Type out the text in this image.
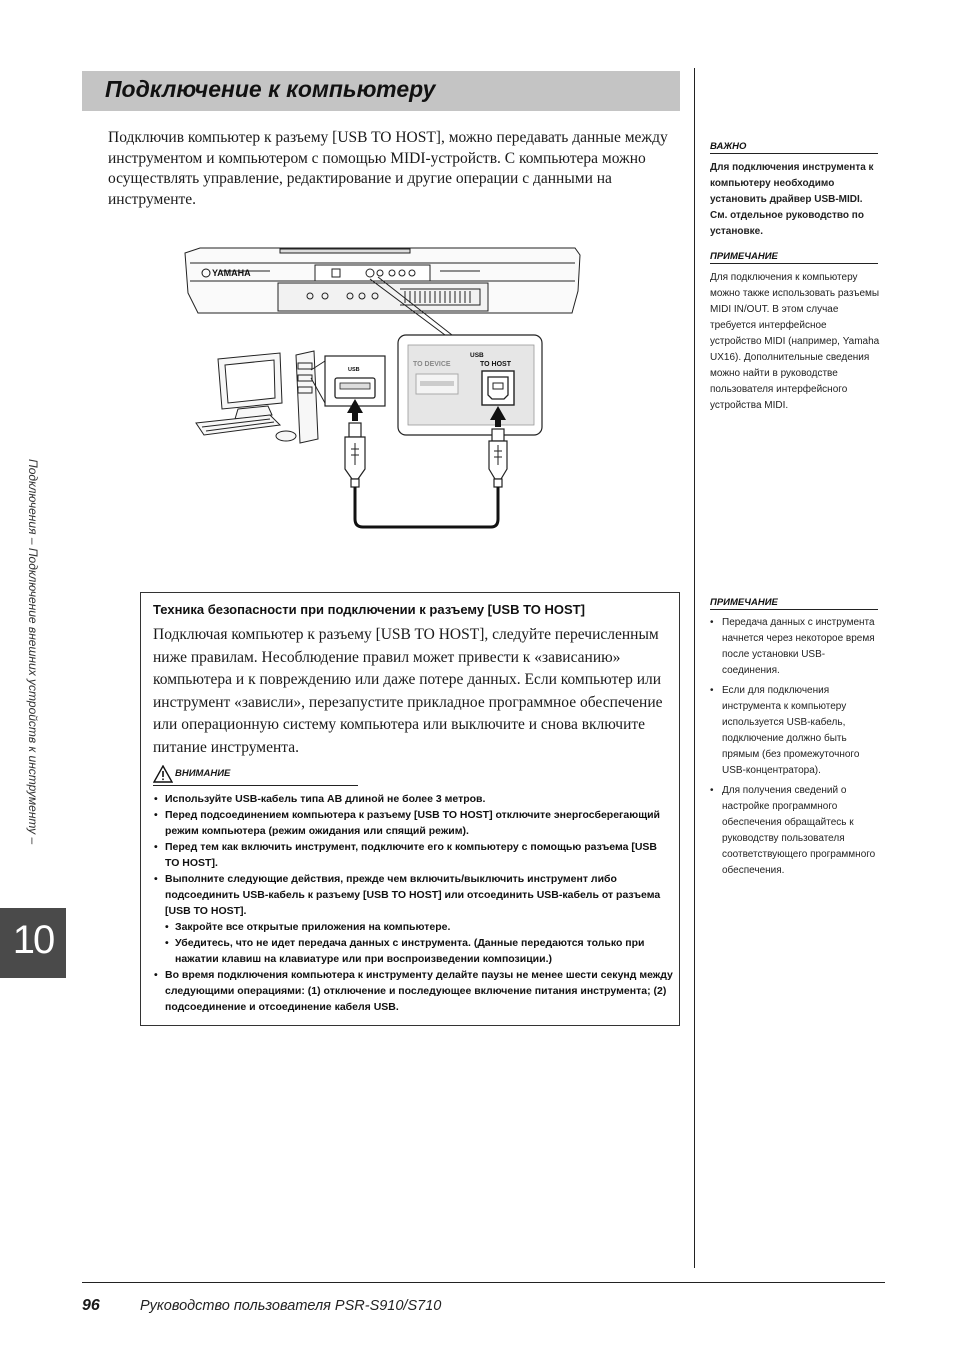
Подключение к компьютеру

Подключив компьютер к разъему [USB TO HOST], можно передавать данные между инструментом и компьютером с помощью MIDI-устройств. С компьютера можно осуществлять управление, редактирование и другие операции с данными на инструменте.

YAMAHA
USB
TO DEVICE	TO HOST
USB
ВАЖНО

Для подключения инструмента к компьютеру необходимо установить драйвер USB-MIDI. См. отдельное руководство по установке.

ПРИМЕЧАНИЕ

Для подключения к компьютеру можно также использовать разъемы MIDI IN/OUT. В этом случае требуется интерфейсное устройство MIDI (например, Yamaha UX16). Дополнительные сведения можно найти в руководстве пользователя интерфейсного устройства MIDI.

ПРИМЕЧАНИЕ
• Передача данных с инструмента начнется через некоторое время после установки USB-соединения.
• Если для подключения инструмента к компьютеру используется USB-кабель, подключение должно быть прямым (без промежуточного USB-концентратора).
• Для получения сведений о настройке программного обеспечения обращайтесь к руководству пользователя соответствующего программного обеспечения.
Подключения – Подключение внешних устройств к инструменту –
10
Техника безопасности при подключении к разъему [USB TO HOST]

Подключая компьютер к разъему [USB TO HOST], следуйте перечисленным ниже правилам. Несоблюдение правил может привести к «зависанию» компьютера и к повреждению или даже потере данных. Если компьютер или инструмент «зависли», перезапустите прикладное программное обеспечение или операционную систему компьютера или выключите и снова включите питание инструмента.

ВНИМАНИЕ
• Используйте USB-кабель типа AB длиной не более 3 метров.
• Перед подсоединением компьютера к разъему [USB TO HOST] отключите энергосберегающий режим компьютера (режим ожидания или спящий режим).
• Перед тем как включить инструмент, подключите его к компьютеру с помощью разъема [USB TO HOST].
• Выполните следующие действия, прежде чем включить/выключить инструмент либо подсоединить USB-кабель к разъему [USB TO HOST] или отсоединить USB-кабель от разъема [USB TO HOST].
• Закройте все открытые приложения на компьютере.
• Убедитесь, что не идет передача данных с инструмента. (Данные передаются только при нажатии клавиш на клавиатуре или при воспроизведении композиции.)
• Во время подключения компьютера к инструменту делайте паузы не менее шести секунд между следующими операциями: (1) отключение и последующее включение питания инструмента; (2) подсоединение и отсоединение кабеля USB.
96	Руководство пользователя PSR-S910/S710
